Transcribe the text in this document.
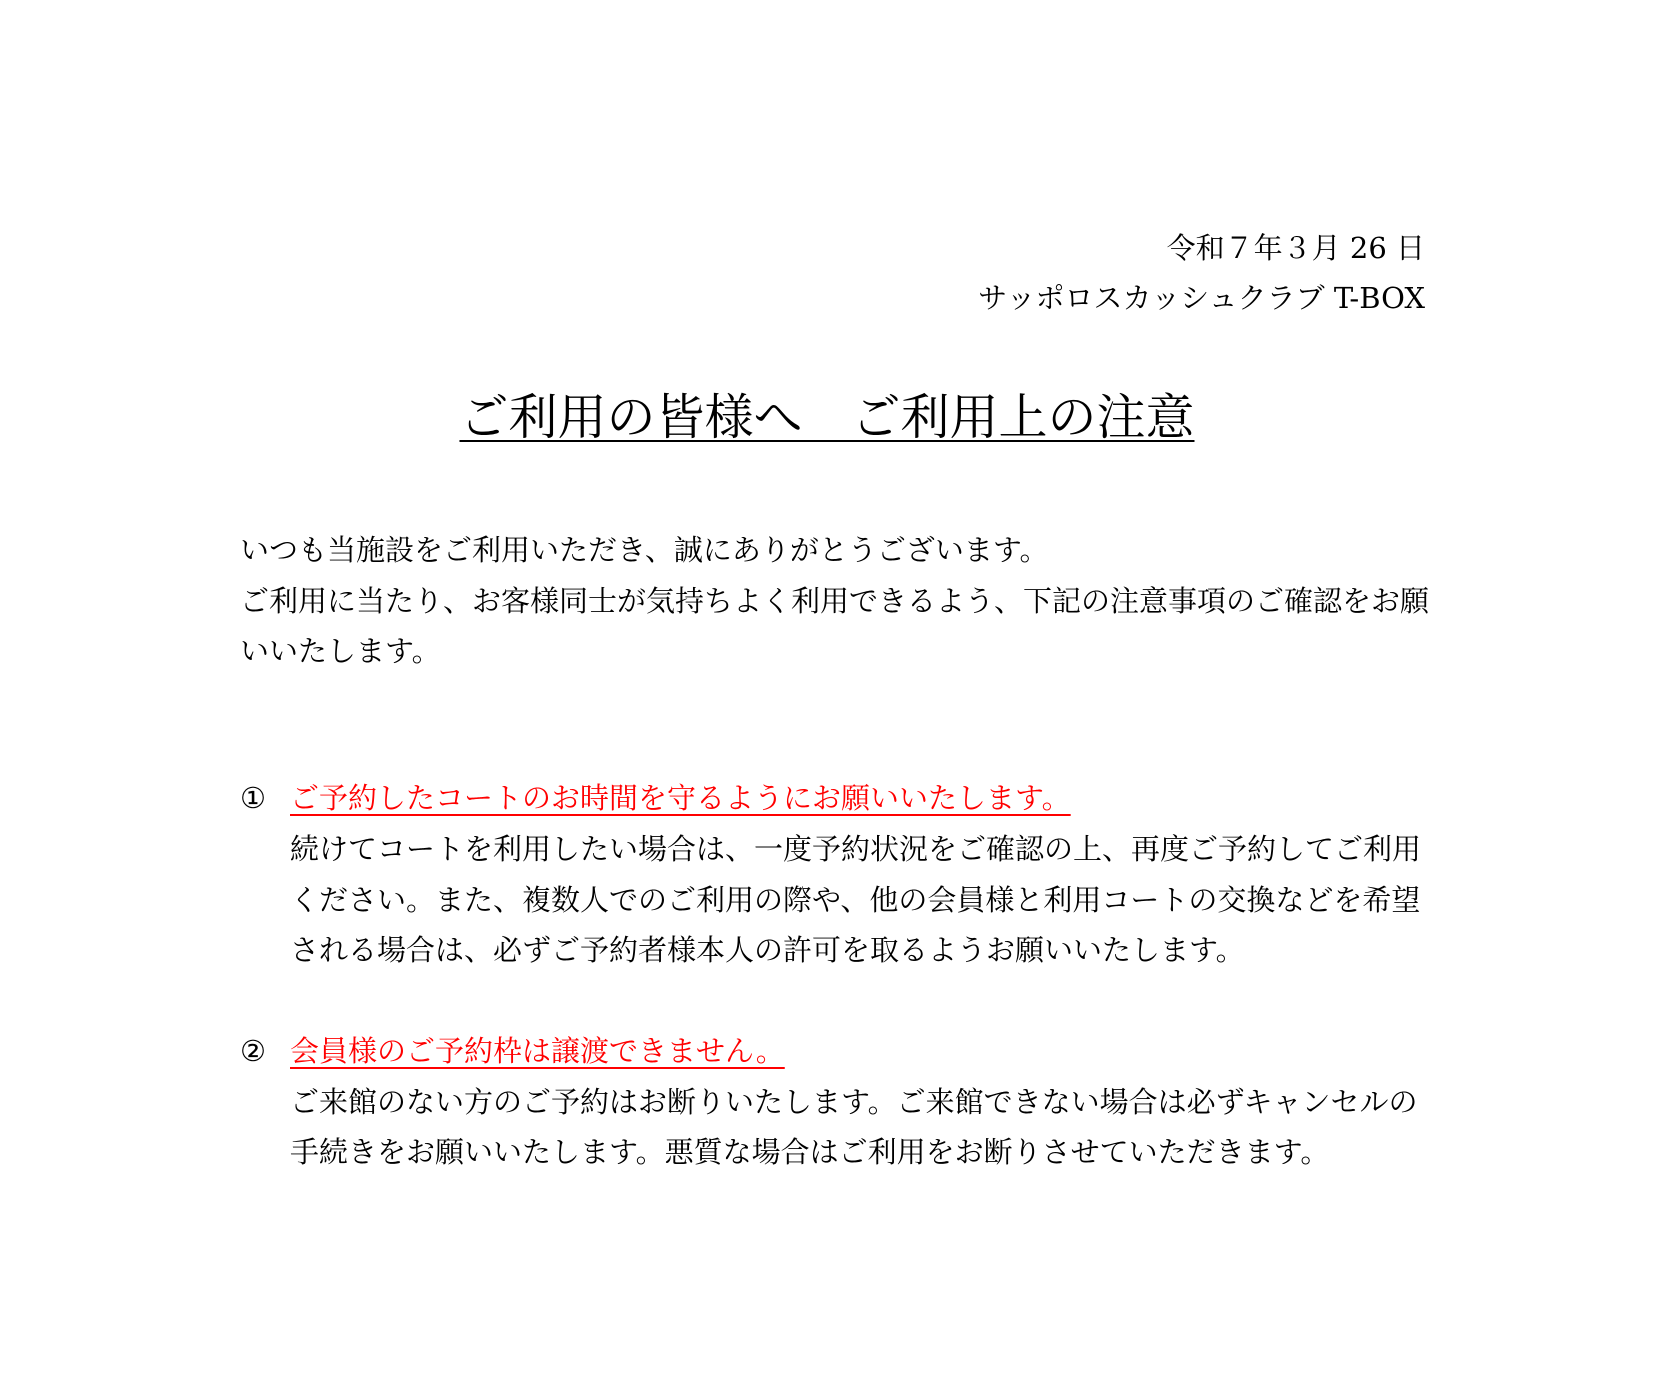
令和７年３月 26 日
サッポロスカッシュクラブ T-BOX
ご利用の皆様へ　ご利用上の注意
いつも当施設をご利用いただき、誠にありがとうございます。
ご利用に当たり、お客様同士が気持ちよく利用できるよう、下記の注意事項のご確認をお願
いいたします。
① ご予約したコートのお時間を守るようにお願いいたします。
続けてコートを利用したい場合は、一度予約状況をご確認の上、再度ご予約してご利用
ください。また、複数人でのご利用の際や、他の会員様と利用コートの交換などを希望
される場合は、必ずご予約者様本人の許可を取るようお願いいたします。
② 会員様のご予約枠は譲渡できません。
ご来館のない方のご予約はお断りいたします。ご来館できない場合は必ずキャンセルの
手続きをお願いいたします。悪質な場合はご利用をお断りさせていただきます。
